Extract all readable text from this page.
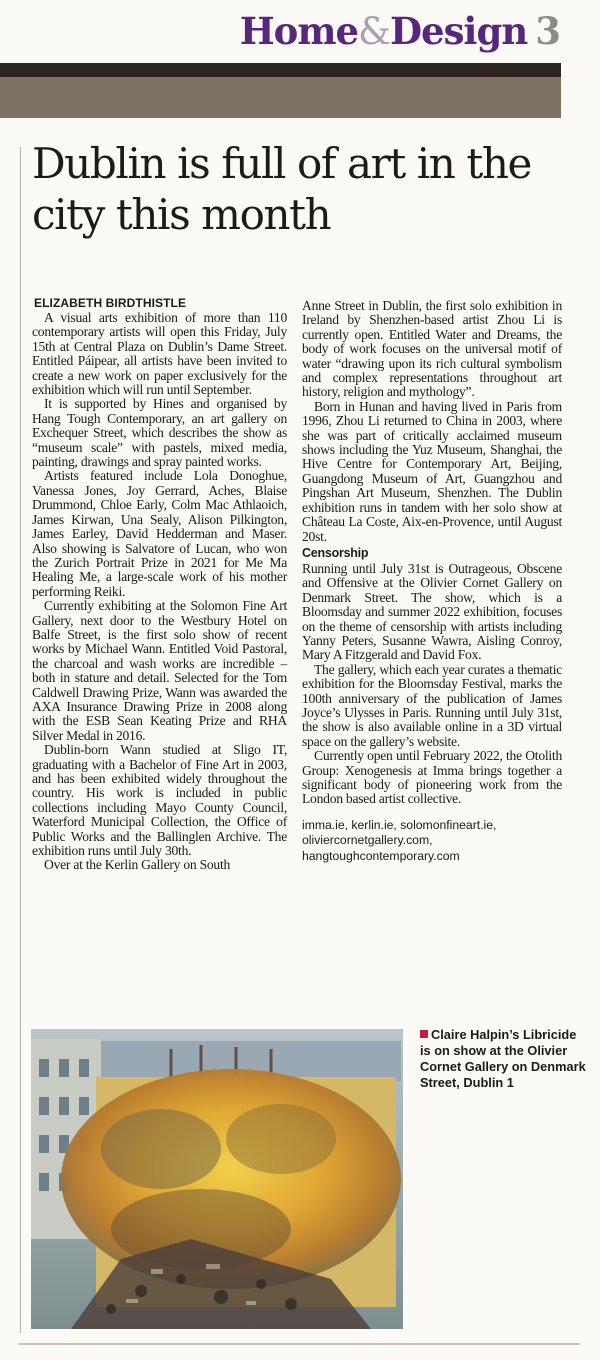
Home&Design 3
Dublin is full of art in the city this month
ELIZABETH BIRDTHISTLE

A visual arts exhibition of more than 110 contemporary artists will open this Friday, July 15th at Central Plaza on Dublin’s Dame Street. Entitled Páipear, all artists have been invited to create a new work on paper exclusively for the exhibition which will run until September.

It is supported by Hines and organised by Hang Tough Contemporary, an art gallery on Exchequer Street, which describes the show as “museum scale” with pastels, mixed media, painting, drawings and spray painted works.

Artists featured include Lola Donoghue, Vanessa Jones, Joy Gerrard, Aches, Blaise Drummond, Chloe Early, Colm Mac Athlaoich, James Kirwan, Una Sealy, Alison Pilkington, James Earley, David Hedderman and Maser. Also showing is Salvatore of Lucan, who won the Zurich Portrait Prize in 2021 for Me Ma Healing Me, a large-scale work of his mother performing Reiki.

Currently exhibiting at the Solomon Fine Art Gallery, next door to the Westbury Hotel on Balfe Street, is the first solo show of recent works by Michael Wann. Entitled Void Pastoral, the charcoal and wash works are incredible – both in stature and detail. Selected for the Tom Caldwell Drawing Prize, Wann was awarded the AXA Insurance Drawing Prize in 2008 along with the ESB Sean Keating Prize and RHA Silver Medal in 2016.

Dublin-born Wann studied at Sligo IT, graduating with a Bachelor of Fine Art in 2003, and has been exhibited widely throughout the country. His work is included in public collections including Mayo County Council, Waterford Municipal Collection, the Office of Public Works and the Ballinglen Archive. The exhibition runs until July 30th.

Over at the Kerlin Gallery on South

Anne Street in Dublin, the first solo exhibition in Ireland by Shenzhen-based artist Zhou Li is currently open. Entitled Water and Dreams, the body of work focuses on the universal motif of water “drawing upon its rich cultural symbolism and complex representations throughout art history, religion and mythology”.

Born in Hunan and having lived in Paris from 1996, Zhou Li returned to China in 2003, where she was part of critically acclaimed museum shows including the Yuz Museum, Shanghai, the Hive Centre for Contemporary Art, Beijing, Guangdong Museum of Art, Guangzhou and Pingshan Art Museum, Shenzhen. The Dublin exhibition runs in tandem with her solo show at Château La Coste, Aix-en-Provence, until August 20st.

Censorship

Running until July 31st is Outrageous, Obscene and Offensive at the Olivier Cornet Gallery on Denmark Street. The show, which is a Bloomsday and summer 2022 exhibition, focuses on the theme of censorship with artists including Yanny Peters, Susanne Wawra, Aisling Conroy, Mary A Fitzgerald and David Fox.

The gallery, which each year curates a thematic exhibition for the Bloomsday Festival, marks the 100th anniversary of the publication of James Joyce’s Ulysses in Paris. Running until July 31st, the show is also available online in a 3D virtual space on the gallery’s website.

Currently open until February 2022, the Otolith Group: Xenogenesis at Imma brings together a significant body of pioneering work from the London based artist collective.

imma.ie, kerlin.ie, solomonfineart.ie,
oliviercornetgallery.com,
hangtoughcontemporary.com
Claire Halpin’s Libricide is on show at the Olivier Cornet Gallery on Denmark Street, Dublin 1
